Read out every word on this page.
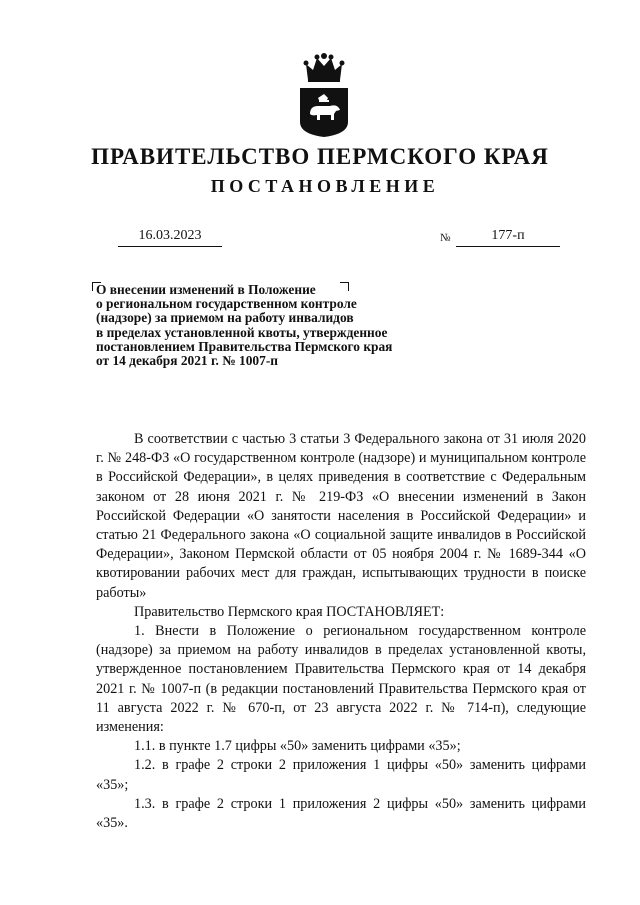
ПРАВИТЕЛЬСТВО ПЕРМСКОГО КРАЯ
ПОСТАНОВЛЕНИЕ
16.03.2023	№	177-п
О внесении изменений в Положение
о региональном государственном контроле
(надзоре) за приемом на работу инвалидов
в пределах установленной квоты, утвержденное
постановлением Правительства Пермского края
от 14 декабря 2021 г. № 1007-п

В соответствии с частью 3 статьи 3 Федерального закона от 31 июля 2020 г. № 248-ФЗ «О государственном контроле (надзоре) и муниципальном контроле в Российской Федерации», в целях приведения в соответствие с Федеральным законом от 28 июня 2021 г. № 219-ФЗ «О внесении изменений в Закон Российской Федерации «О занятости населения в Российской Федерации» и статью 21 Федерального закона «О социальной защите инвалидов в Российской Федерации», Законом Пермской области от 05 ноября 2004 г. № 1689-344 «О квотировании рабочих мест для граждан, испытывающих трудности в поиске работы»

Правительство Пермского края ПОСТАНОВЛЯЕТ:

1. Внести в Положение о региональном государственном контроле (надзоре) за приемом на работу инвалидов в пределах установленной квоты, утвержденное постановлением Правительства Пермского края от 14 декабря 2021 г. № 1007-п (в редакции постановлений Правительства Пермского края от 11 августа 2022 г. № 670-п, от 23 августа 2022 г. № 714-п), следующие изменения:

1.1. в пункте 1.7 цифры «50» заменить цифрами «35»;

1.2. в графе 2 строки 2 приложения 1 цифры «50» заменить цифрами «35»;

1.3. в графе 2 строки 1 приложения 2 цифры «50» заменить цифрами «35».
